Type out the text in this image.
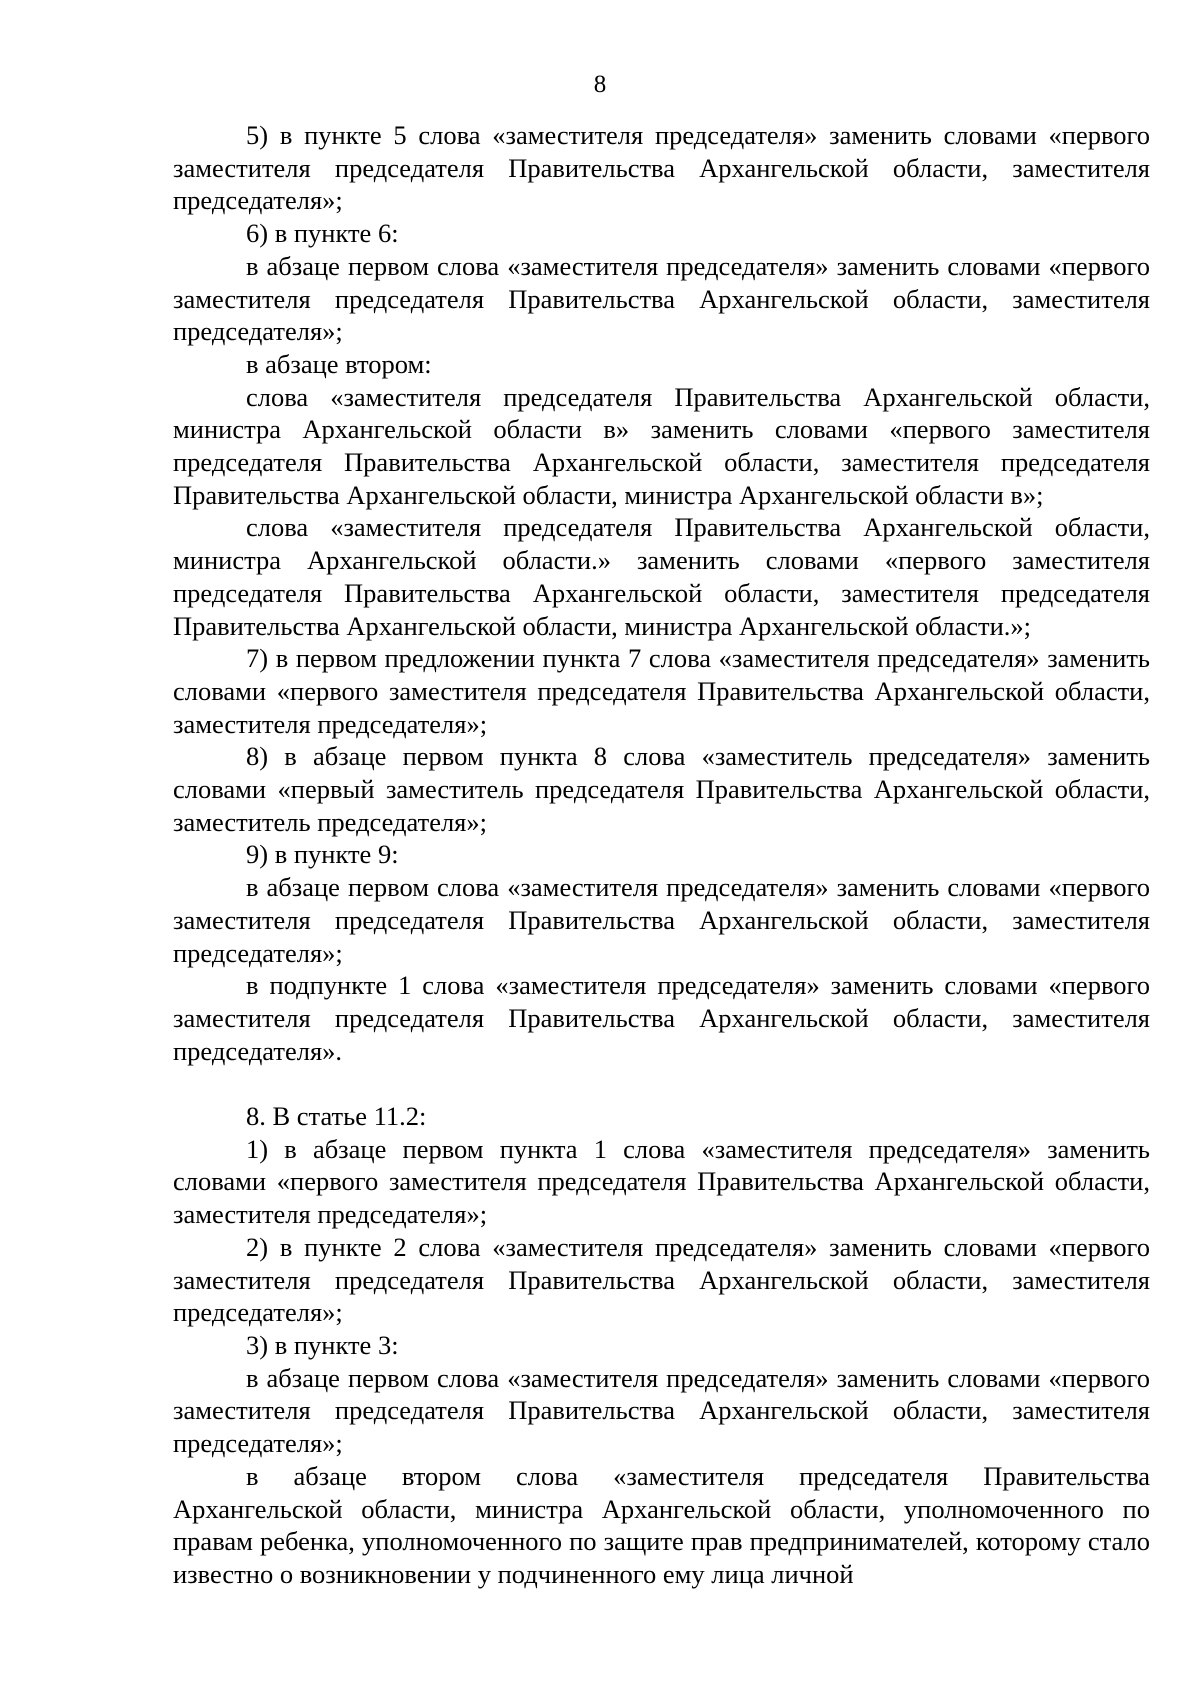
8

5) в пункте 5 слова «заместителя председателя» заменить словами «первого заместителя председателя Правительства Архангельской области, заместителя председателя»;

6) в пункте 6:

в абзаце первом слова «заместителя председателя» заменить словами «первого заместителя председателя Правительства Архангельской области, заместителя председателя»;

в абзаце втором:

слова «заместителя председателя Правительства Архангельской области, министра Архангельской области в» заменить словами «первого заместителя председателя Правительства Архангельской области, заместителя председателя Правительства Архангельской области, министра Архангельской области в»;

слова «заместителя председателя Правительства Архангельской области, министра Архангельской области.» заменить словами «первого заместителя председателя Правительства Архангельской области, заместителя председателя Правительства Архангельской области, министра Архангельской области.»;

7) в первом предложении пункта 7 слова «заместителя председателя» заменить словами «первого заместителя председателя Правительства Архангельской области, заместителя председателя»;

8) в абзаце первом пункта 8 слова «заместитель председателя» заменить словами «первый заместитель председателя Правительства Архангельской области, заместитель председателя»;

9) в пункте 9:

в абзаце первом слова «заместителя председателя» заменить словами «первого заместителя председателя Правительства Архангельской области, заместителя председателя»;

в подпункте 1 слова «заместителя председателя» заменить словами «первого заместителя председателя Правительства Архангельской области, заместителя председателя».

8. В статье 11.2:

1) в абзаце первом пункта 1 слова «заместителя председателя» заменить словами «первого заместителя председателя Правительства Архангельской области, заместителя председателя»;

2) в пункте 2 слова «заместителя председателя» заменить словами «первого заместителя председателя Правительства Архангельской области, заместителя председателя»;

3) в пункте 3:

в абзаце первом слова «заместителя председателя» заменить словами «первого заместителя председателя Правительства Архангельской области, заместителя председателя»;

в абзаце втором слова «заместителя председателя Правительства Архангельской области, министра Архангельской области, уполномоченного по правам ребенка, уполномоченного по защите прав предпринимателей, которому стало известно о возникновении у подчиненного ему лица личной
